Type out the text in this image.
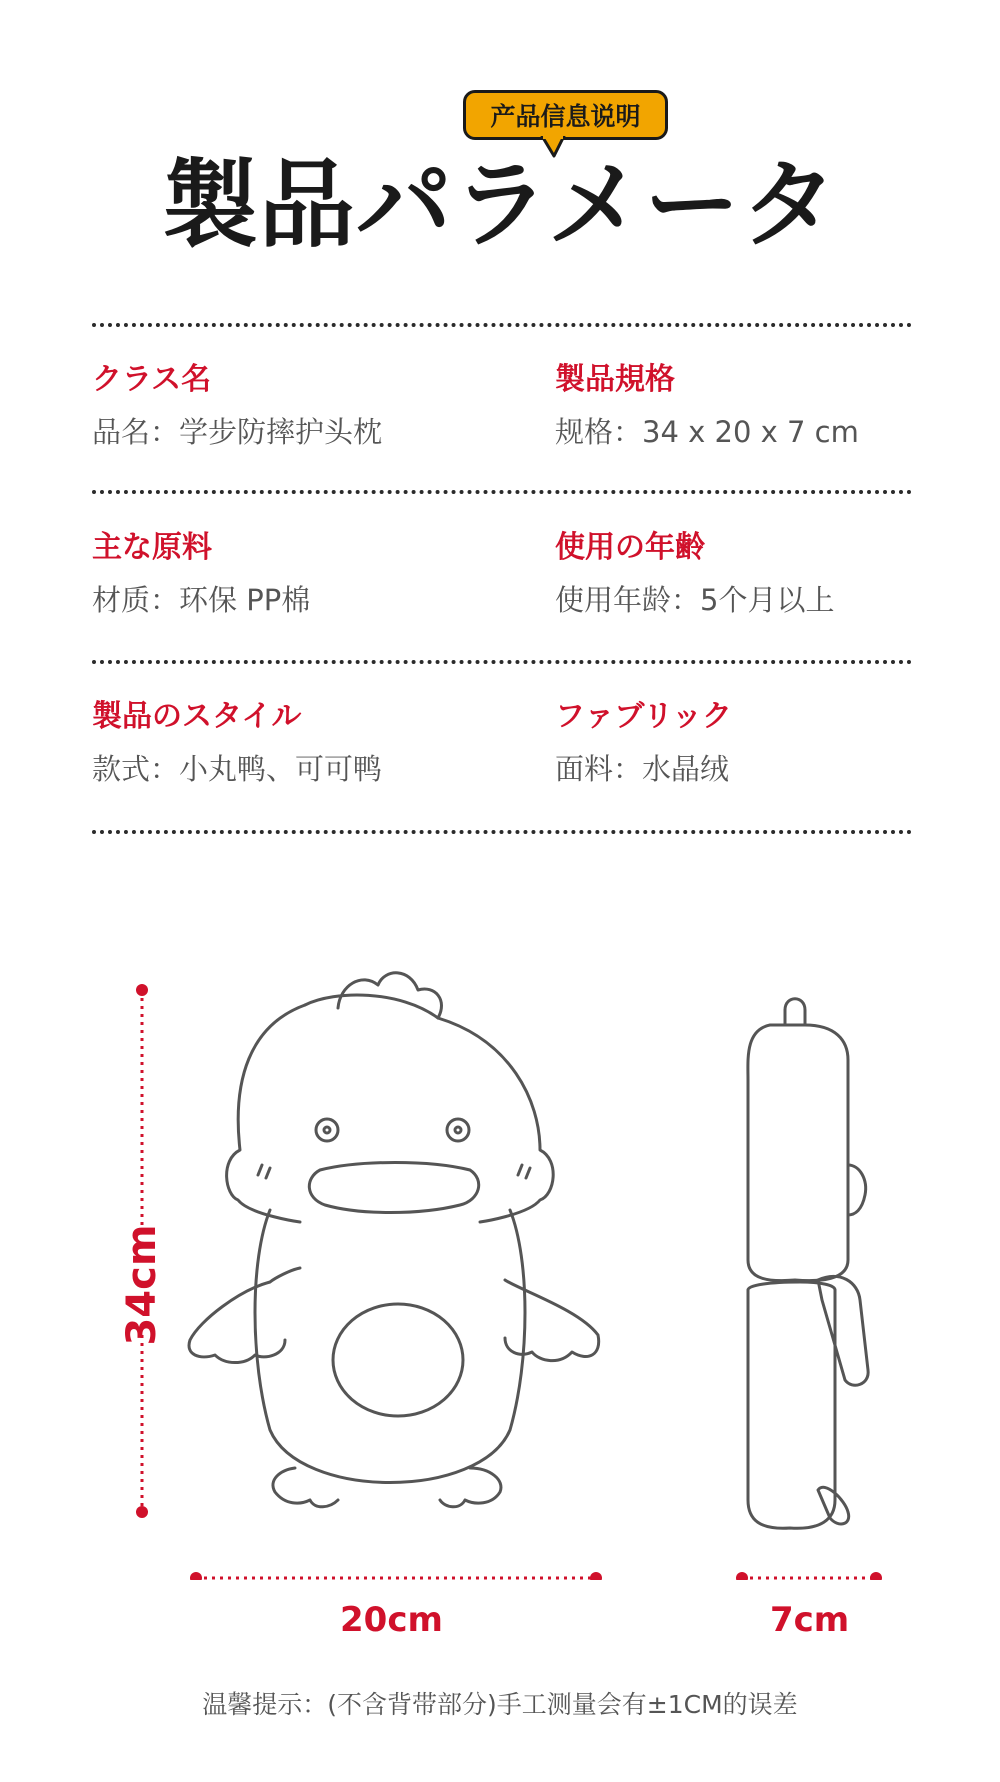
产品信息说明
製品パラメータ
クラス名
品名：学步防摔护头枕
製品規格
规格：34 x 20 x 7 cm
主な原料
材质：环保 PP棉
使用の年齢
使用年龄：5个月以上
製品のスタイル
款式：小丸鸭、可可鸭
ファブリック
面料：水晶绒
34cm
20cm	7cm
温馨提示：(不含背带部分)手工测量会有±1CM的误差
